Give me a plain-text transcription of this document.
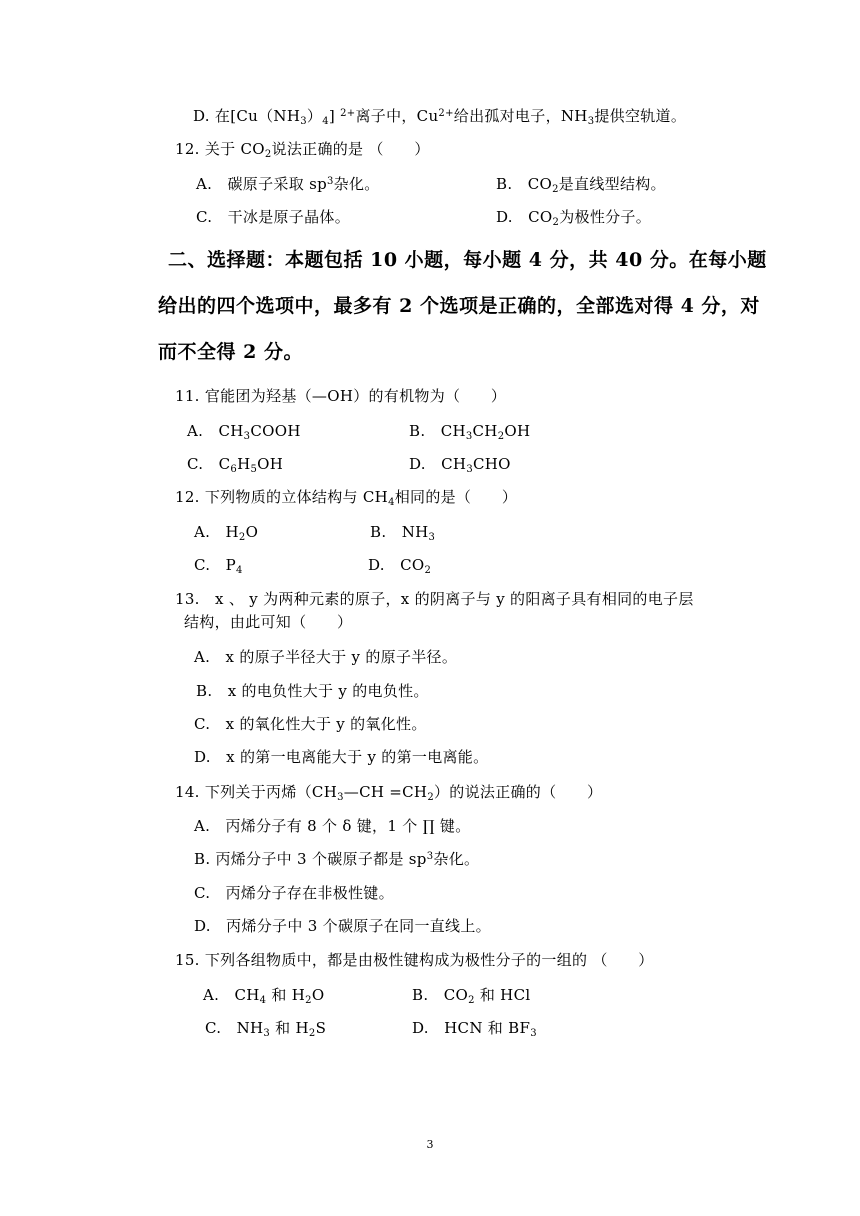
D. 在$[Cu(NH_3)_4]$ $^{2+}$离子中，$Cu^{2+}$给出孤对电子，$NH_3$提供空轨道。
12. 关于 $CO_2$说法正确的是 （　　）
A.　碳原子采取 $sp^3$杂化。	B.　$CO_2$是直线型结构。
C.　干冰是原子晶体。	D.　$CO_2$为极性分子。
二、选择题：本题包括 10 小题，每小题 4 分，共 40 分。在每小题
给出的四个选项中，最多有 2 个选项是正确的，全部选对得 4 分，对
而不全得 2 分。
11. 官能团为羟基（—OH）的有机物为（　　）
A.　$CH_3COOH$	B.　$CH_3CH_2OH$
C.　$C_6H_5OH$	D.　$CH_3CHO$
12. 下列物质的立体结构与 $CH_4$相同的是（　　）
A.　$H_2O$	B.　$NH_3$
C.　$P_4$	D.　$CO_2$
13.　x 、 y 为两种元素的原子，x 的阴离子与 y 的阳离子具有相同的电子层
结构，由此可知（　　）
A.　x 的原子半径大于 y 的原子半径。
B.　x 的电负性大于 y 的电负性。
C.　x 的氧化性大于 y 的氧化性。
D.　x 的第一电离能大于 y 的第一电离能。
14. 下列关于丙烯$(CH_3—CH =CH_2)$的说法正确的（　　）
A.　丙烯分子有 8 个 δ 键，1 个 ∏ 键。
B. 丙烯分子中 3 个碳原子都是 $sp^3$杂化。
C.　丙烯分子存在非极性键。
D.　丙烯分子中 3 个碳原子在同一直线上。
15. 下列各组物质中，都是由极性键构成为极性分子的一组的 （　　）
A.　$CH_4$ 和 $H_2O$	B.　$CO_2$ 和 HCl
C.　$NH_3$ 和 $H_2S$	D.　HCN 和 $BF_3$
3
